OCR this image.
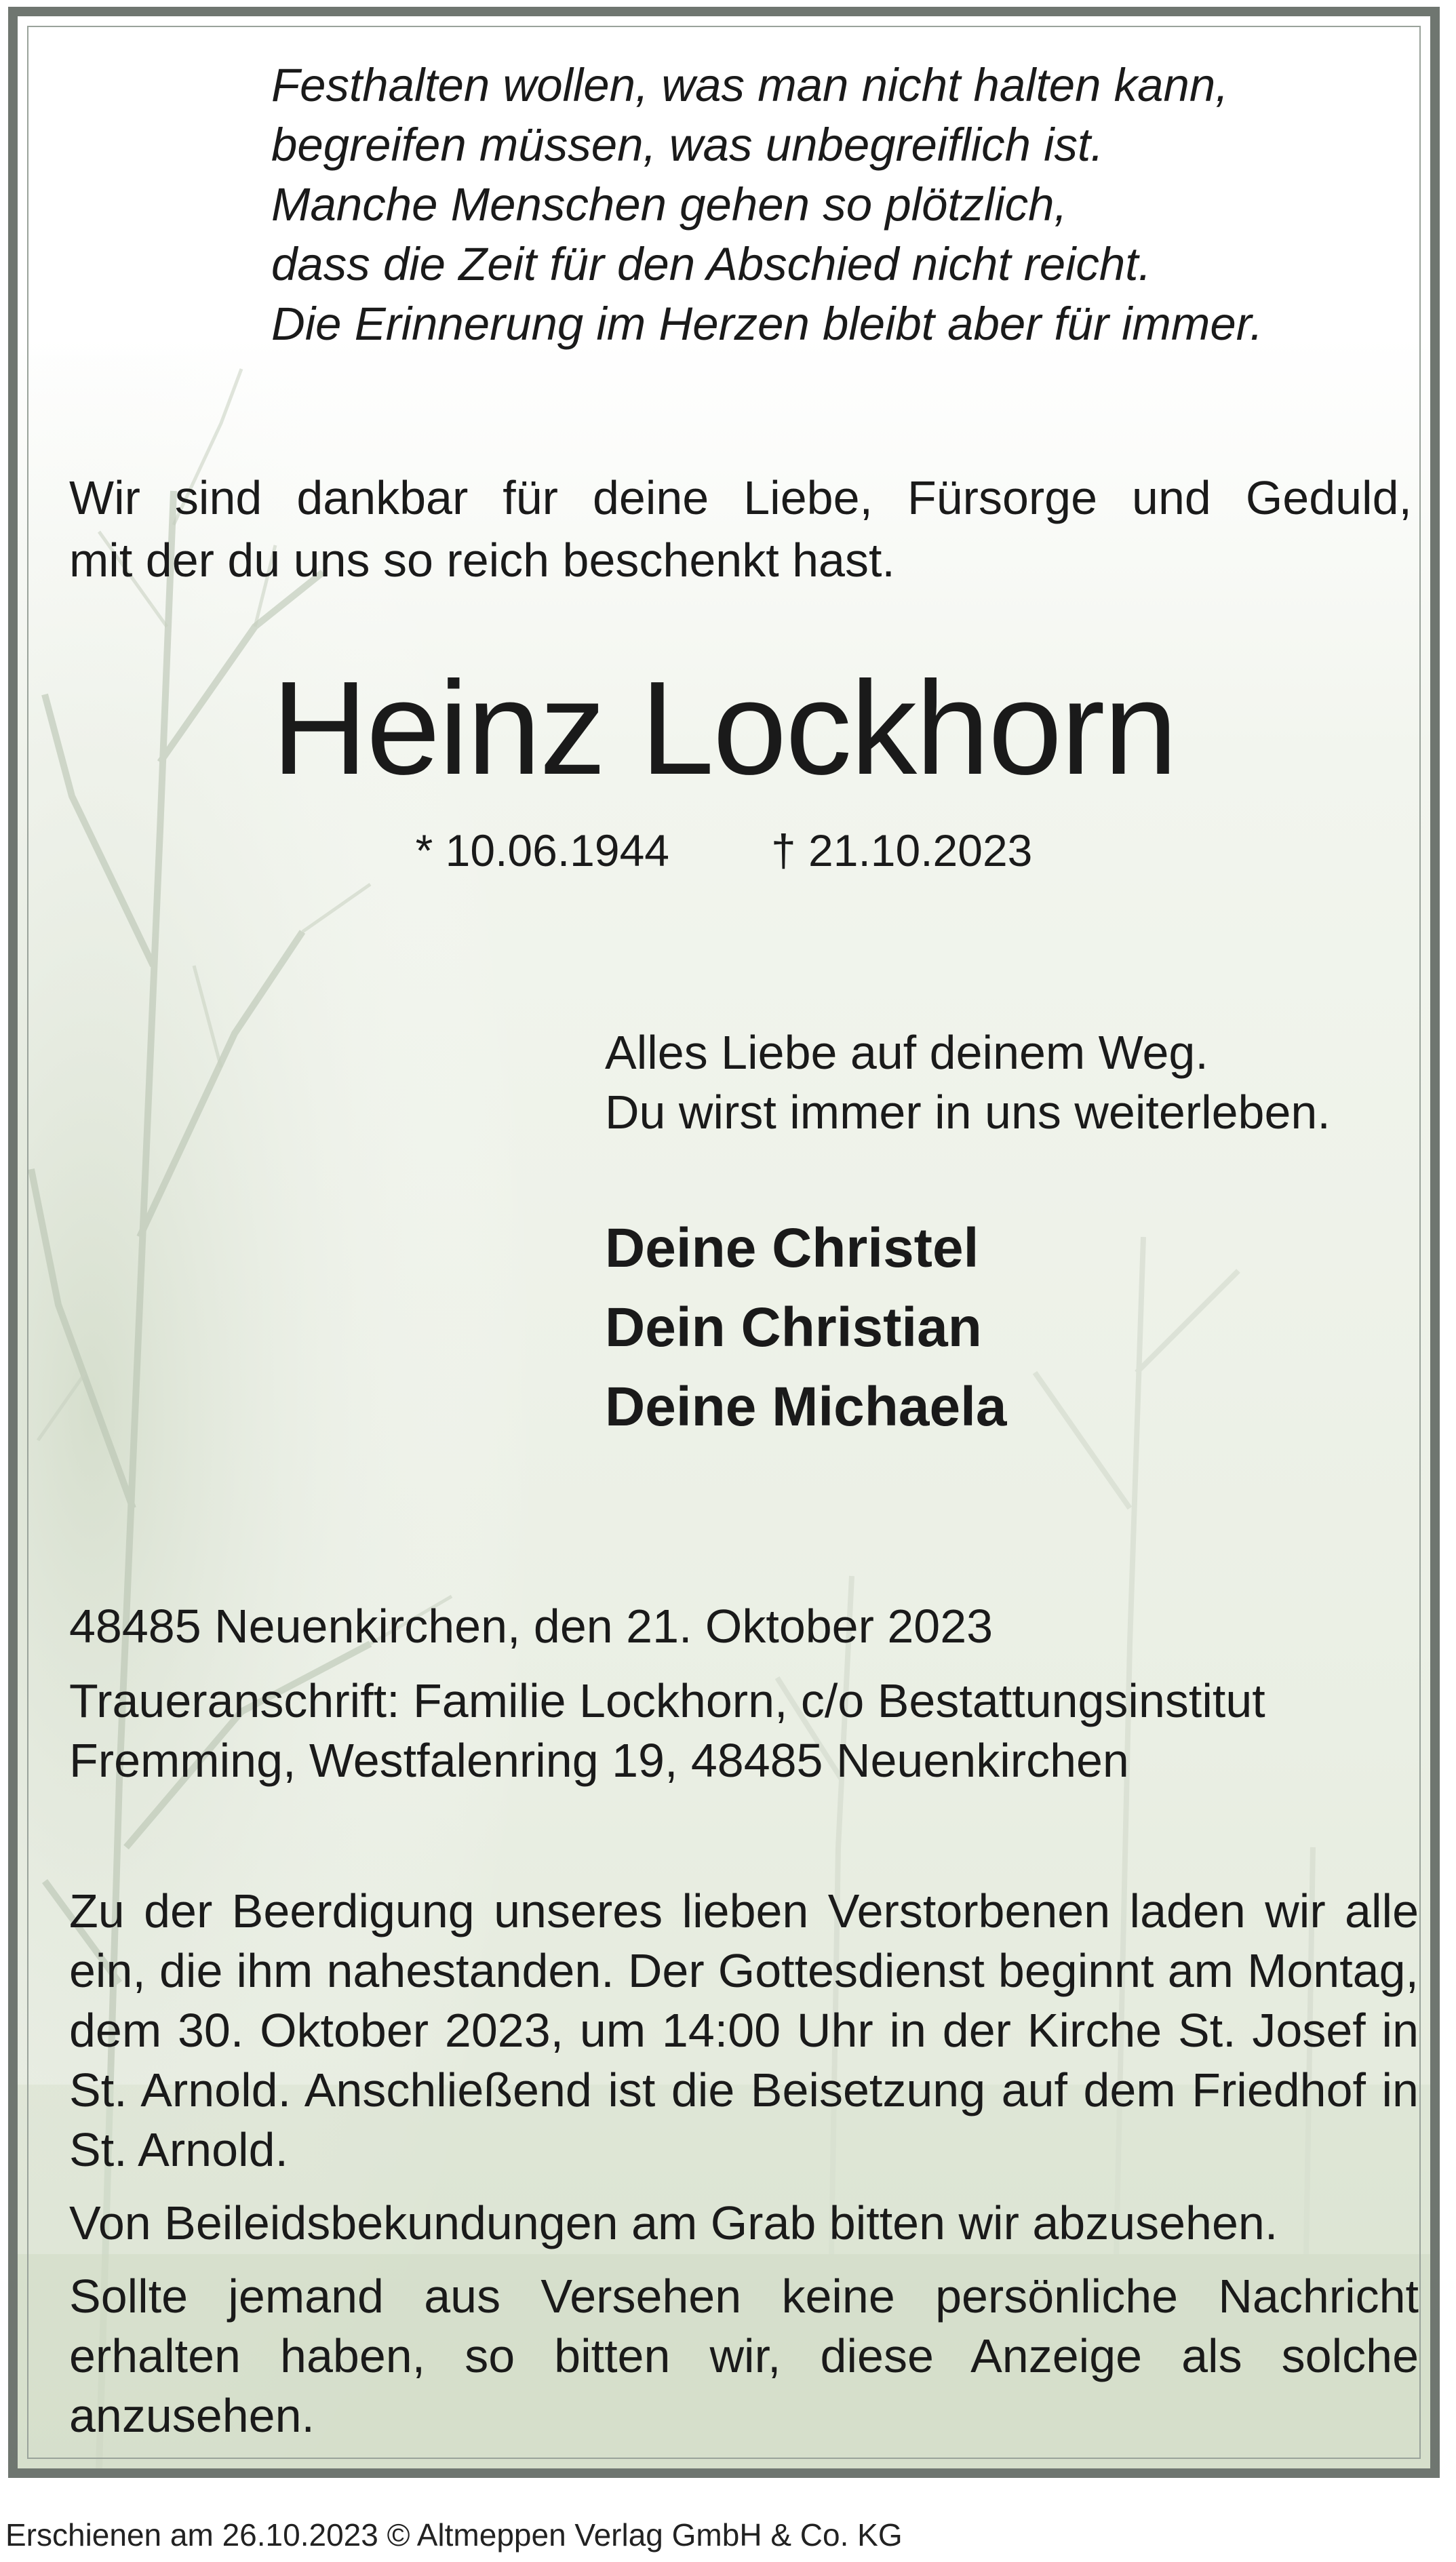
Festhalten wollen, was man nicht halten kann,
begreifen müssen, was unbegreiflich ist.
Manche Menschen gehen so plötzlich,
dass die Zeit für den Abschied nicht reicht.
Die Erinnerung im Herzen bleibt aber für immer.
Wir sind dankbar für deine Liebe, Fürsorge und Geduld,
mit der du uns so reich beschenkt hast.
Heinz Lockhorn
* 10.06.1944 † 21.10.2023
Alles Liebe auf deinem Weg.
Du wirst immer in uns weiterleben.
Deine Christel
Dein Christian
Deine Michaela
48485 Neuenkirchen, den 21. Oktober 2023
Traueranschrift: Familie Lockhorn, c/o Bestattungsinstitut
Fremming, Westfalenring 19, 48485 Neuenkirchen

Zu der Beerdigung unseres lieben Verstorbenen laden wir alle ein, die ihm nahestanden. Der Gottesdienst beginnt am Montag, dem 30. Oktober 2023, um 14:00 Uhr in der Kirche St. Josef in St. Arnold. Anschließend ist die Beisetzung auf dem Friedhof in St. Arnold.

Von Beileidsbekundungen am Grab bitten wir abzusehen.

Sollte jemand aus Versehen keine persönliche Nachricht erhalten haben, so bitten wir, diese Anzeige als solche anzusehen.

Erschienen am 26.10.2023 © Altmeppen Verlag GmbH & Co. KG
